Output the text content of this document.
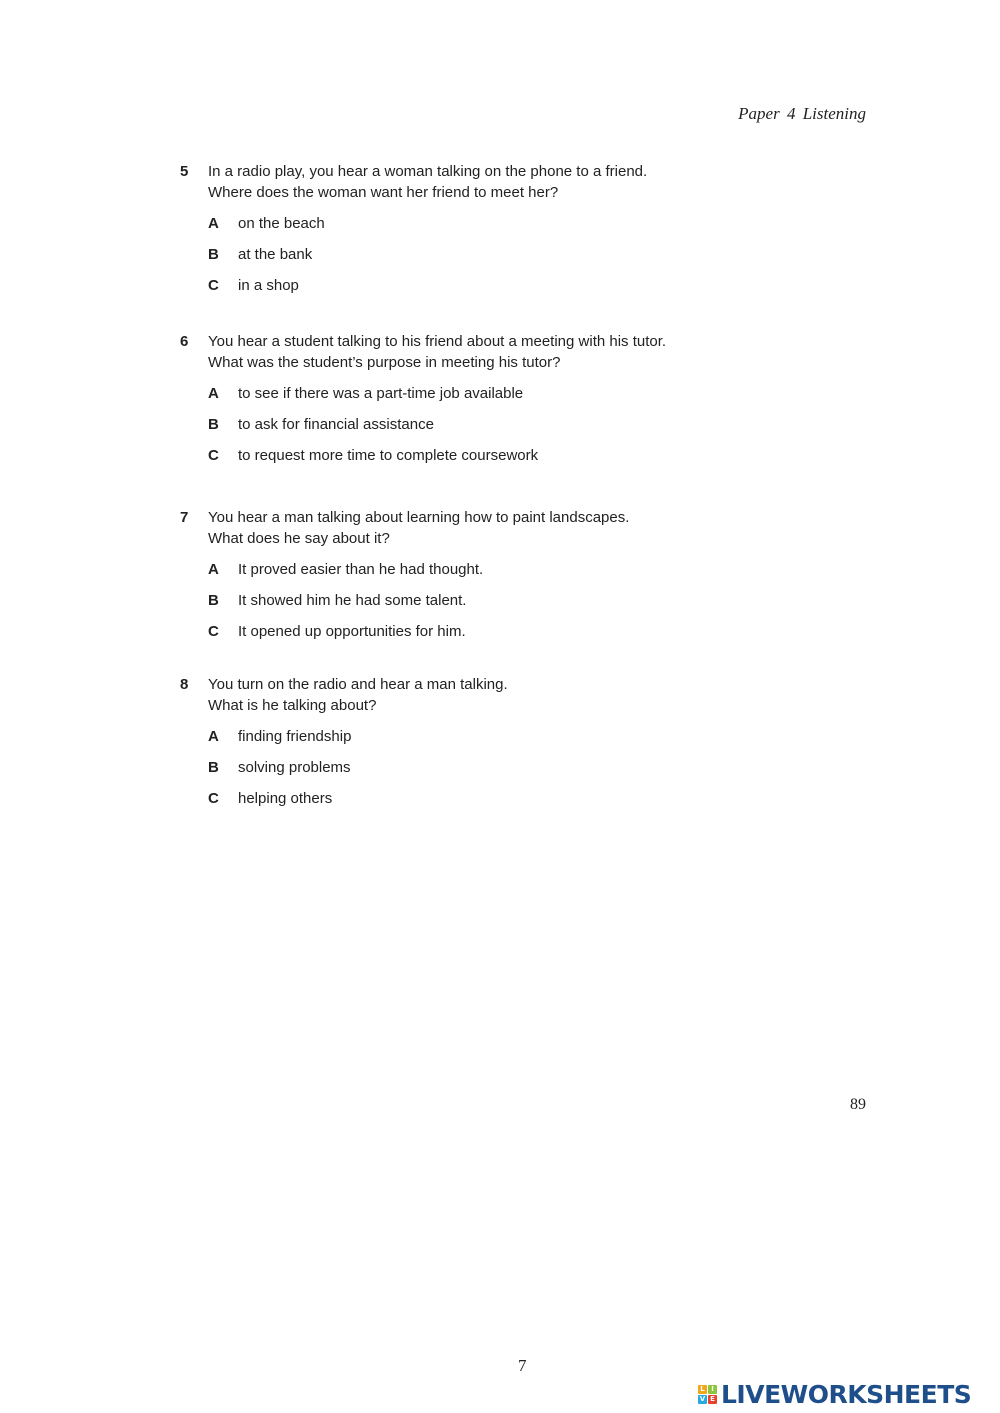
Paper 4 Listening
5 In a radio play, you hear a woman talking on the phone to a friend.
Where does the woman want her friend to meet her?
A	on the beach
B	at the bank
C	in a shop
6 You hear a student talking to his friend about a meeting with his tutor.
What was the student’s purpose in meeting his tutor?
A	to see if there was a part-time job available
B	to ask for financial assistance
C	to request more time to complete coursework
7 You hear a man talking about learning how to paint landscapes.
What does he say about it?
A	It proved easier than he had thought.
B	It showed him he had some talent.
C	It opened up opportunities for him.
8 You turn on the radio and hear a man talking.
What is he talking about?
A	finding friendship
B	solving problems
C	helping others
89
7
L I
V E LIVEWORKSHEETS
